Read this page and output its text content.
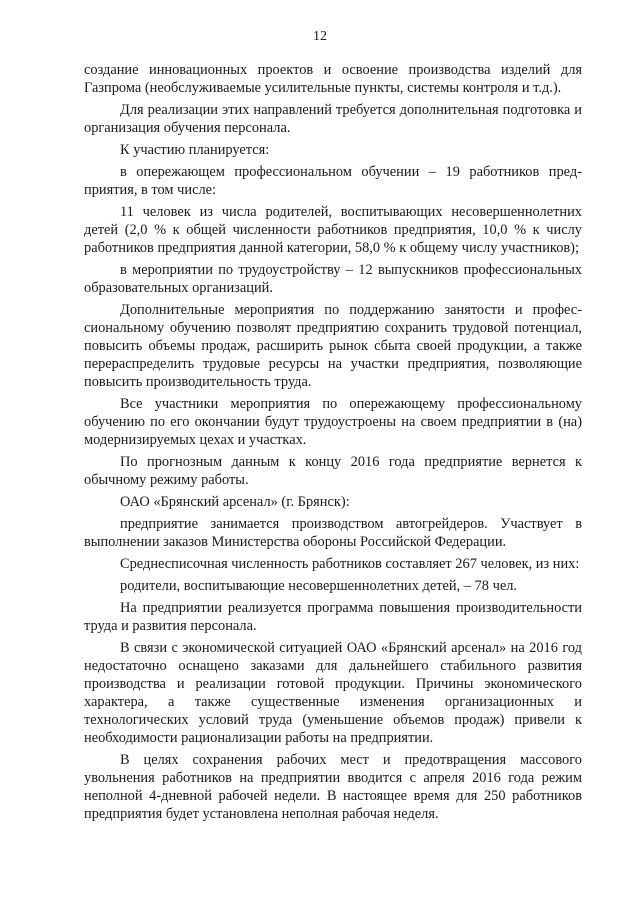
12

создание инновационных проектов и освоение производства изделий для Газпрома (необслуживаемые усилительные пункты, системы контроля и т.д.).

Для реализации этих направлений требуется дополнительная подготовка и организация обучения персонала.

К участию планируется:

в опережающем профессиональном обучении – 19 работников предприятия, в том числе:

11 человек из числа родителей, воспитывающих несовершеннолетних детей (2,0 % к общей численности работников предприятия, 10,0 % к числу работников предприятия данной категории, 58,0 % к общему числу участников);

в мероприятии по трудоустройству – 12 выпускников профессиональных образовательных организаций.

Дополнительные мероприятия по поддержанию занятости и профессиональному обучению позволят предприятию сохранить трудовой потенциал, повысить объемы продаж, расширить рынок сбыта своей продукции, а также перераспределить трудовые ресурсы на участки предприятия, позволяющие повысить производительность труда.

Все участники мероприятия по опережающему профессиональному обучению по его окончании будут трудоустроены на своем предприятии в (на) модернизируемых цехах и участках.

По прогнозным данным к концу 2016 года предприятие вернется к обычному режиму работы.

ОАО «Брянский арсенал» (г. Брянск):

предприятие занимается производством автогрейдеров. Участвует в выполнении заказов Министерства обороны Российской Федерации.

Среднесписочная численность работников составляет 267 человек, из них:

родители, воспитывающие несовершеннолетних детей, – 78 чел.

На предприятии реализуется программа повышения производительности труда и развития персонала.

В связи с экономической ситуацией ОАО «Брянский арсенал» на 2016 год недостаточно оснащено заказами для дальнейшего стабильного развития производства и реализации готовой продукции. Причины экономического характера, а также существенные изменения организационных и технологических условий труда (уменьшение объемов продаж) привели к необходимости рационализации работы на предприятии.

В целях сохранения рабочих мест и предотвращения массового увольнения работников на предприятии вводится с апреля 2016 года режим неполной 4-дневной рабочей недели. В настоящее время для 250 работников предприятия будет установлена неполная рабочая неделя.
